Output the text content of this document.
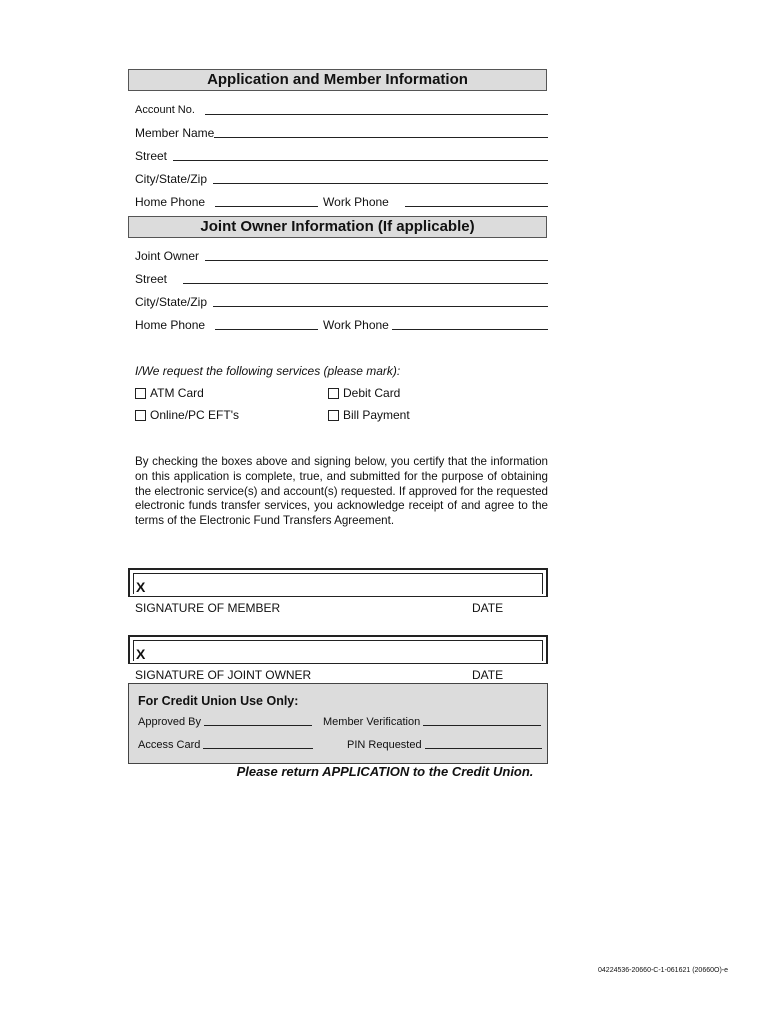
Application and Member Information
Account No.
Member Name
Street
City/State/Zip
Home Phone	Work Phone
Joint Owner Information (If applicable)
Joint Owner
Street
City/State/Zip
Home Phone	Work Phone
I/We request the following services (please mark):
ATM Card	Debit Card
Online/PC EFT's	Bill Payment
By checking the boxes above and signing below, you certify that the information on this application is complete, true, and submitted for the purpose of obtaining the electronic service(s) and account(s) requested. If approved for the requested electronic funds transfer services, you acknowledge receipt of and agree to the terms of the Electronic Fund Transfers Agreement.
X
SIGNATURE OF MEMBER	DATE
X
SIGNATURE OF JOINT OWNER	DATE
For Credit Union Use Only:
Approved By	Member Verification
Access Card	PIN Requested
Please return APPLICATION to the Credit Union.
04224536-20660-C-1-061621 (20660O)-e
